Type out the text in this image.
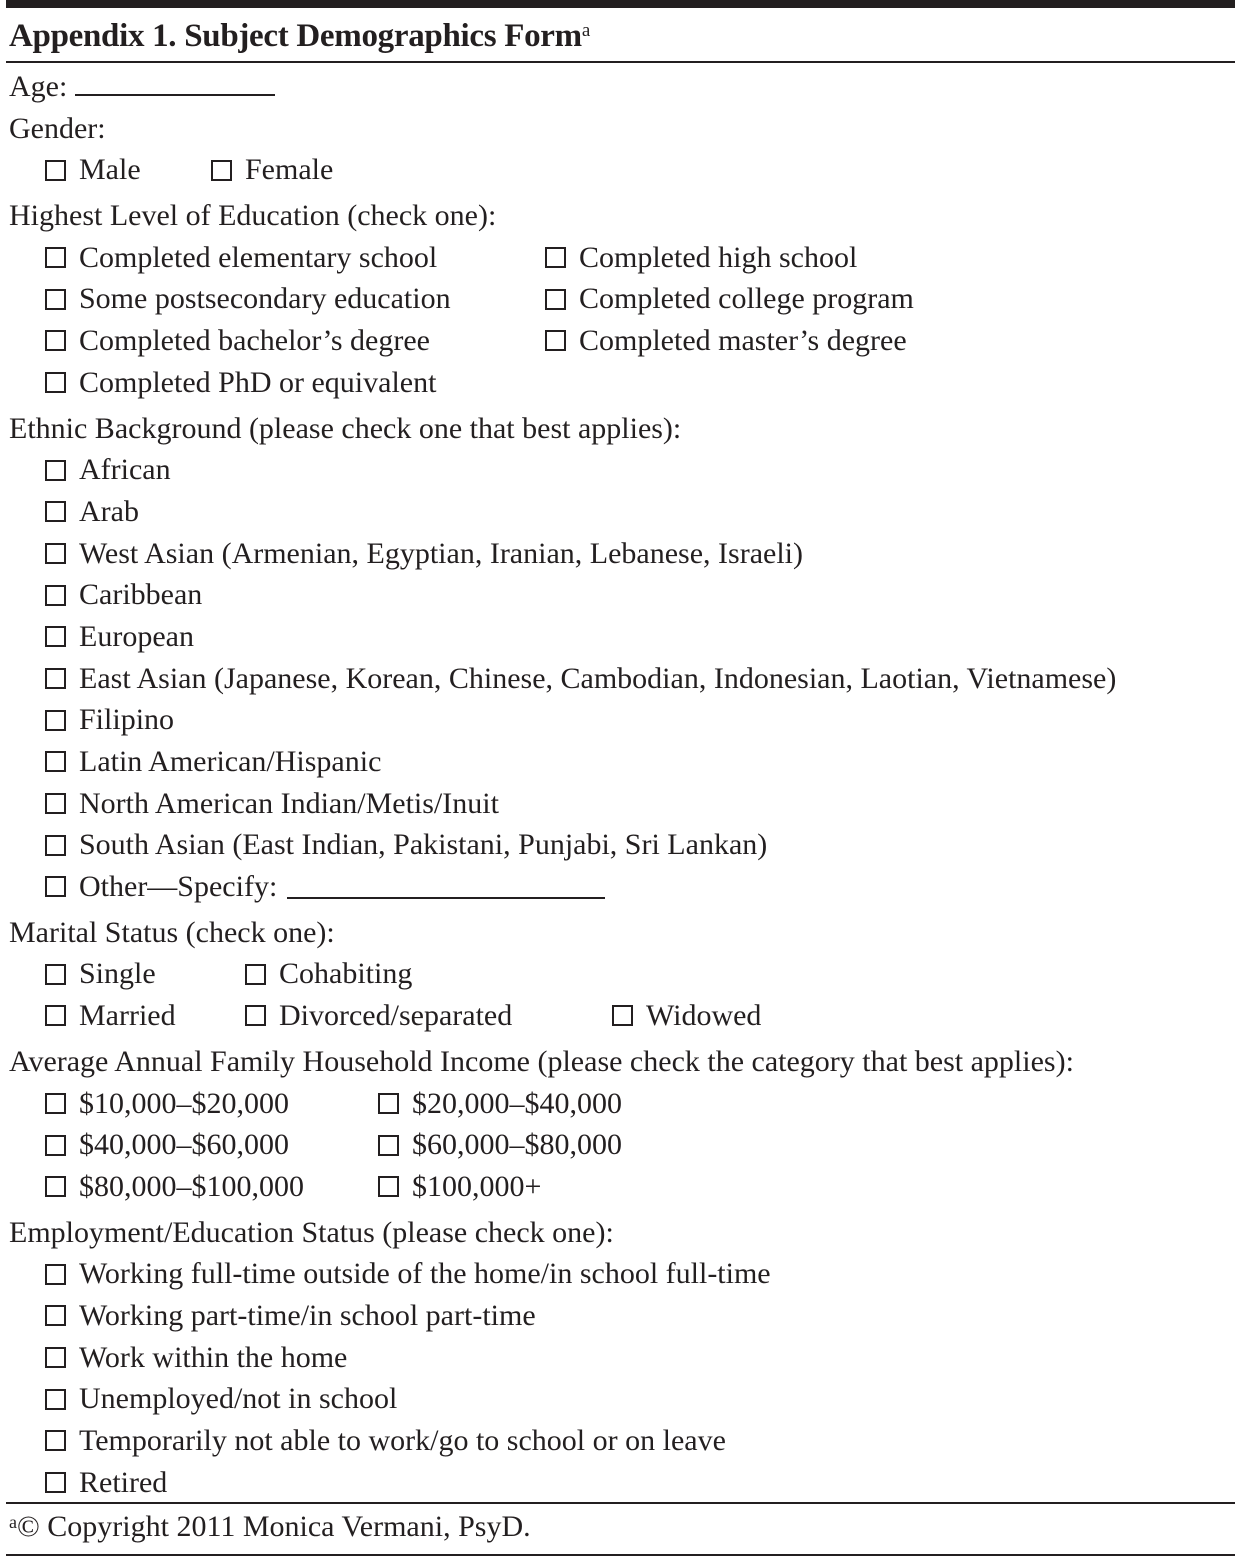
Appendix 1. Subject Demographics Form$^a$
Age:
Gender:
Male	Female
Highest Level of Education (check one):
Completed elementary school	Completed high school
Some postsecondary education	Completed college program
Completed bachelor’s degree	Completed master’s degree
Completed PhD or equivalent
Ethnic Background (please check one that best applies):
African
Arab
West Asian (Armenian, Egyptian, Iranian, Lebanese, Israeli)
Caribbean
European
East Asian (Japanese, Korean, Chinese, Cambodian, Indonesian, Laotian, Vietnamese)
Filipino
Latin American/Hispanic
North American Indian/Metis/Inuit
South Asian (East Indian, Pakistani, Punjabi, Sri Lankan)
Other—Specify:
Marital Status (check one):
Single	Cohabiting
Married	Divorced/separated	Widowed
Average Annual Family Household Income (please check the category that best applies):
$10,000–$20,000	$20,000–$40,000
$40,000–$60,000	$60,000–$80,000
$80,000–$100,000	$100,000+
Employment/Education Status (please check one):
Working full-time outside of the home/in school full-time
Working part-time/in school part-time
Work within the home
Unemployed/not in school
Temporarily not able to work/go to school or on leave
Retired
$^a$© Copyright 2011 Monica Vermani, PsyD.
